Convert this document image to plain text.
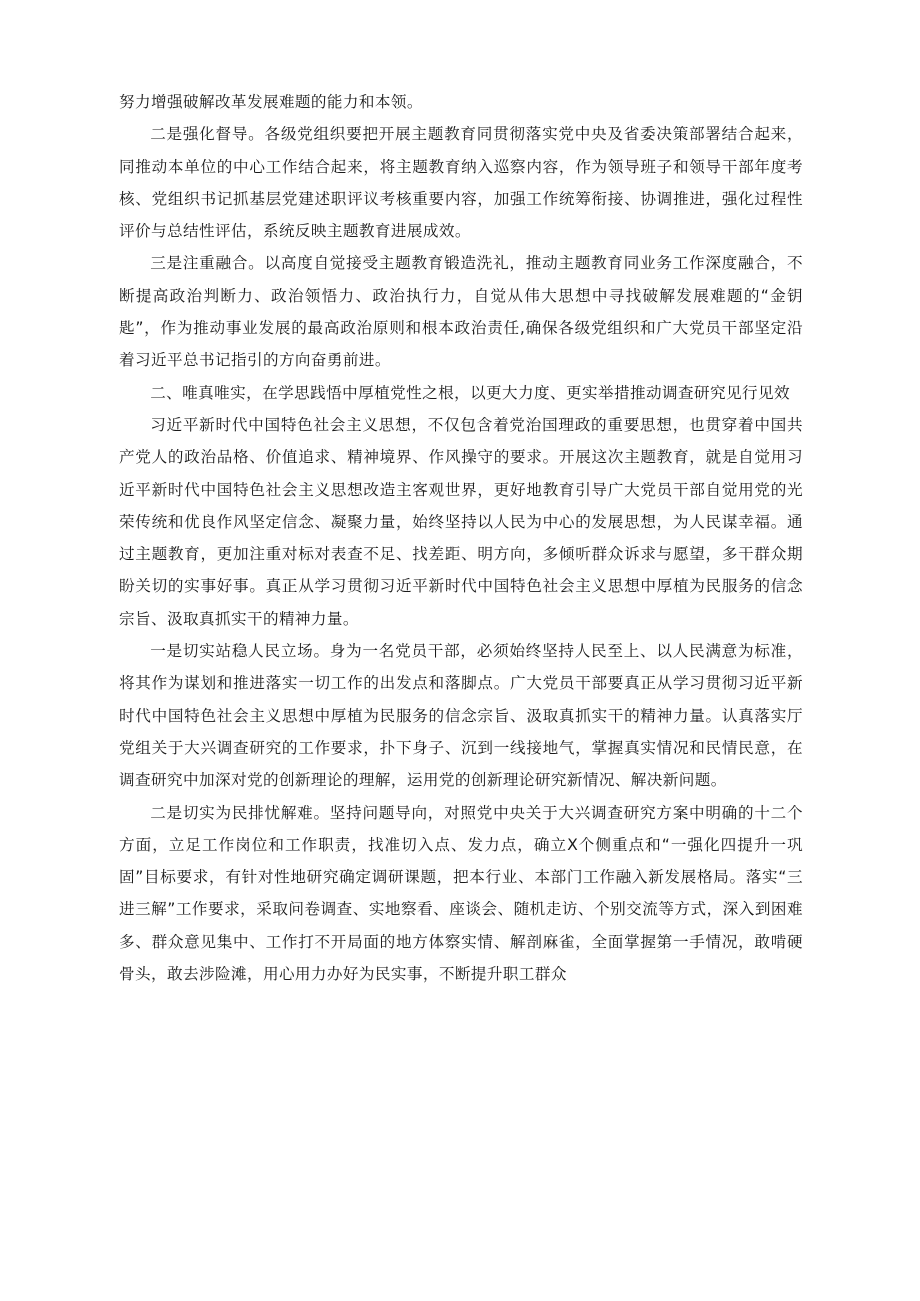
努力增强破解改革发展难题的能力和本领。

二是强化督导。各级党组织要把开展主题教育同贯彻落实党中央及省委决策部署结合起来，同推动本单位的中心工作结合起来，将主题教育纳入巡察内容，作为领导班子和领导干部年度考核、党组织书记抓基层党建述职评议考核重要内容，加强工作统筹衔接、协调推进，强化过程性评价与总结性评估，系统反映主题教育进展成效。

三是注重融合。以高度自觉接受主题教育锻造洗礼，推动主题教育同业务工作深度融合，不断提高政治判断力、政治领悟力、政治执行力，自觉从伟大思想中寻找破解发展难题的“金钥匙”，作为推动事业发展的最高政治原则和根本政治责任,确保各级党组织和广大党员干部坚定沿着习近平总书记指引的方向奋勇前进。

二、唯真唯实，在学思践悟中厚植党性之根，以更大力度、更实举措推动调查研究见行见效

习近平新时代中国特色社会主义思想，不仅包含着党治国理政的重要思想，也贯穿着中国共产党人的政治品格、价值追求、精神境界、作风操守的要求。开展这次主题教育，就是自觉用习近平新时代中国特色社会主义思想改造主客观世界，更好地教育引导广大党员干部自觉用党的光荣传统和优良作风坚定信念、凝聚力量，始终坚持以人民为中心的发展思想，为人民谋幸福。通过主题教育，更加注重对标对表查不足、找差距、明方向，多倾听群众诉求与愿望，多干群众期盼关切的实事好事。真正从学习贯彻习近平新时代中国特色社会主义思想中厚植为民服务的信念宗旨、汲取真抓实干的精神力量。

一是切实站稳人民立场。身为一名党员干部，必须始终坚持人民至上、以人民满意为标准，将其作为谋划和推进落实一切工作的出发点和落脚点。广大党员干部要真正从学习贯彻习近平新时代中国特色社会主义思想中厚植为民服务的信念宗旨、汲取真抓实干的精神力量。认真落实厅党组关于大兴调查研究的工作要求，扑下身子、沉到一线接地气，掌握真实情况和民情民意，在调查研究中加深对党的创新理论的理解，运用党的创新理论研究新情况、解决新问题。

二是切实为民排忧解难。坚持问题导向，对照党中央关于大兴调查研究方案中明确的十二个方面，立足工作岗位和工作职责，找准切入点、发力点，确立X个侧重点和“一强化四提升一巩固”目标要求，有针对性地研究确定调研课题，把本行业、本部门工作融入新发展格局。落实“三进三解”工作要求，采取问卷调查、实地察看、座谈会、随机走访、个别交流等方式，深入到困难多、群众意见集中、工作打不开局面的地方体察实情、解剖麻雀，全面掌握第一手情况，敢啃硬骨头，敢去涉险滩，用心用力办好为民实事，不断提升职工群众
